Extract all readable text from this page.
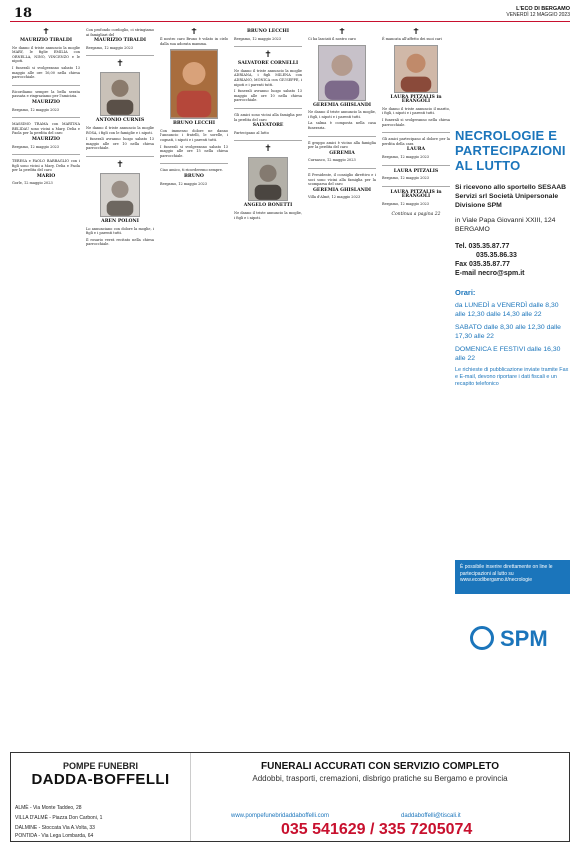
18	L'ECO DI BERGAMO
VENERDÌ 12 MAGGIO 2023
✝
MAURIZIO TIBALDI

Ne danno il triste annuncio la moglie MARY, le figlie EMILIA con ORNELLA, NINO, VINCENZO e le nipoti.

I funerali si svolgeranno sabato 13 maggio alle ore 16,00 nella chiesa parrocchiale.

Ricordiamo sempre la bella serata passata e ringraziamo per l'amicizia.

MAURIZIO

Bergamo, 12 maggio 2023

MASSIMO TRAMA con MARTINA BELIDAU sono vicini a Mary, Delia e Paola per la perdita del caro

MAURIZIO

Bergamo, 12 maggio 2023

TERESA e PAOLO BARBAGLIO con i figli sono vicini a Mary, Delia e Paola per la perdita del caro

MARIO

Gorle, 12 maggio 2023

Con profondo cordoglio, ci stringiamo ai famigliari del

MAURIZIO TIBALDI

Bergamo, 12 maggio 2023

✝
ANTONIO CURNIS

Ne danno il triste annuncio la moglie ROSA, i figli con le famiglie e i nipoti.

I funerali avranno luogo sabato 13 maggio alle ore 10 nella chiesa parrocchiale.

✝
AREN POLONI

Lo annunciano con dolore la moglie, i figli e i parenti tutti.

Il rosario verrà recitato nella chiesa parrocchiale.

✝

Il nostro caro Bruno è volato in cielo dalla sua adorata mamma.

BRUNO LECCHI

Con immenso dolore ne danno l'annuncio i fratelli, le sorelle, i cognati, i nipoti e i parenti tutti.

I funerali si svolgeranno sabato 13 maggio alle ore 15 nella chiesa parrocchiale.

Ciao amico, ti ricorderemo sempre.

BRUNO

Bergamo, 12 maggio 2023

BRUNO LECCHI

Bergamo, 12 maggio 2023

✝
SALVATORE CORNELLI

Ne danno il triste annuncio la moglie ADRIANA, i figli MILENA con ADRIANO, MONICA con GIUSEPPE, i nipoti e i parenti tutti.

I funerali avranno luogo sabato 13 maggio alle ore 10 nella chiesa parrocchiale.

Gli amici sono vicini alla famiglia per la perdita del caro

SALVATORE

Partecipano al lutto

✝
ANGELO BONETTI

Ne danno il triste annuncio la moglie, i figli e i nipoti.

✝

Ci ha lasciati il nostro caro

GEREMIA GHISLANDI

Ne danno il triste annuncio la moglie, i figli, i nipoti e i parenti tutti.

La salma è composta nella casa funeraria.

Il gruppo amici è vicino alla famiglia per la perdita del caro

GEREMIA

Curnasco, 12 maggio 2023

Il Presidente, il consiglio direttivo e i soci sono vicini alla famiglia per la scomparsa del caro

GEREMIA GHISLANDI

Villa d'Almè, 12 maggio 2023

✝

È mancata all'affetto dei suoi cari

LAURA PITZALIS in ERANGOLI

Ne danno il triste annuncio il marito, i figli, i nipoti e i parenti tutti.

I funerali si svolgeranno nella chiesa parrocchiale.

Gli amici partecipano al dolore per la perdita della cara

LAURA

Bergamo, 12 maggio 2023

LAURA PITZALIS

Bergamo, 12 maggio 2023

LAURA PITZALIS in ERANGOLI

Bergamo, 12 maggio 2023

Continua a pagina 22
NECROLOGIE E PARTECIPAZIONI AL LUTTO
Si ricevono allo sportello SESAAB Servizi srl Società Unipersonale Divisione SPM
in Viale Papa Giovanni XXIII, 124 BERGAMO
Tel. 035.35.87.77
035.35.86.33
Fax 035.35.87.77
E-mail necro@spm.it
Orari:
da LUNEDÌ a VENERDÌ dalle 8,30 alle 12,30 dalle 14,30 alle 22
SABATO dalle 8,30 alle 12,30 dalle 17,30 alle 22
DOMENICA E FESTIVI dalle 16,30 alle 22
Le richieste di pubblicazione inviate tramite Fax e E-mail, devono riportare i dati fiscali e un recapito telefonico
È possibile inserire direttamente on line le partecipazioni al lutto su www.ecodibergamo.it/necrologie
SPM
POMPE FUNEBRI
DADDA-BOFFELLI
ALMÈ - Via Monte Taddeo, 28
VILLA D'ALMÈ - Piazza Don Carboni, 1
DALMINE - Stoccata Via A.Volta, 33
PONTIDA - Via Lega Lombarda, 64
FUNERALI ACCURATI CON SERVIZIO COMPLETO
Addobbi, trasporti, cremazioni, disbrigo pratiche su Bergamo e provincia
www.pompefunebridaddaboffelli.com	daddaboffelli@tiscali.it
035 541629 / 335 7205074
